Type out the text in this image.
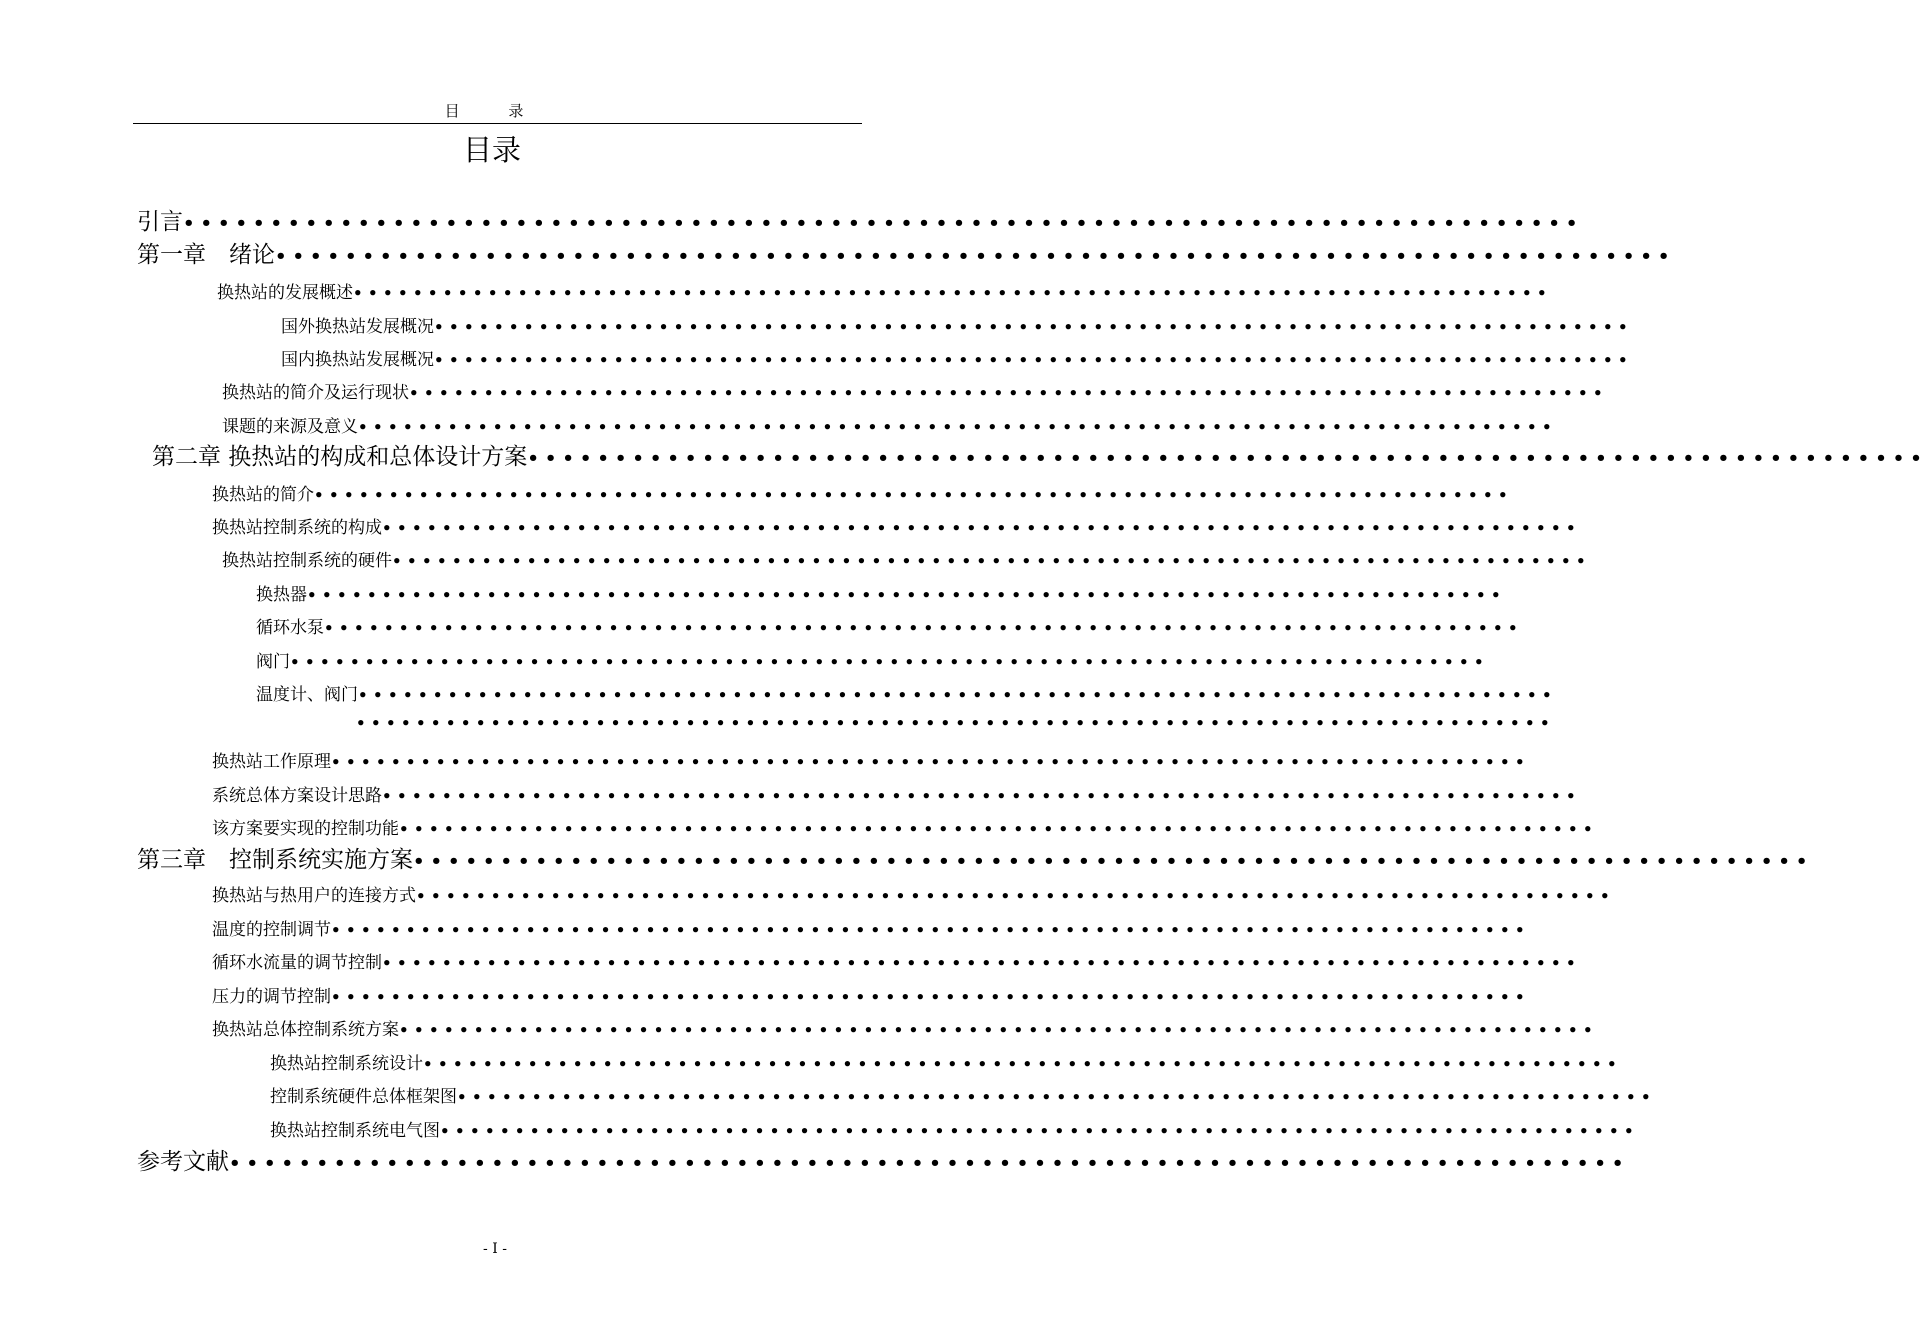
目 录
目录
引言 ••••••••••••••••••••••••••••••••••••••••••••••••••••••••••••••••••••••••••••••••
第一章　绪论 ••••••••••••••••••••••••••••••••••••••••••••••••••••••••••••••••••••••••••••••••
换热站的发展概述 ••••••••••••••••••••••••••••••••••••••••••••••••••••••••••••••••••••••••••••••••
国外换热站发展概况 ••••••••••••••••••••••••••••••••••••••••••••••••••••••••••••••••••••••••••••••••
国内换热站发展概况 ••••••••••••••••••••••••••••••••••••••••••••••••••••••••••••••••••••••••••••••••
换热站的简介及运行现状 ••••••••••••••••••••••••••••••••••••••••••••••••••••••••••••••••••••••••••••••••
课题的来源及意义 ••••••••••••••••••••••••••••••••••••••••••••••••••••••••••••••••••••••••••••••••
第二章 换热站的构成和总体设计方案 ••••••••••••••••••••••••••••••••••••••••••••••••••••••••••••••••••••••••••••••••
换热站的简介 ••••••••••••••••••••••••••••••••••••••••••••••••••••••••••••••••••••••••••••••••
换热站控制系统的构成 ••••••••••••••••••••••••••••••••••••••••••••••••••••••••••••••••••••••••••••••••
换热站控制系统的硬件 ••••••••••••••••••••••••••••••••••••••••••••••••••••••••••••••••••••••••••••••••
换热器 ••••••••••••••••••••••••••••••••••••••••••••••••••••••••••••••••••••••••••••••••
循环水泵 ••••••••••••••••••••••••••••••••••••••••••••••••••••••••••••••••••••••••••••••••
阀门 ••••••••••••••••••••••••••••••••••••••••••••••••••••••••••••••••••••••••••••••••
温度计、阀门 ••••••••••••••••••••••••••••••••••••••••••••••••••••••••••••••••••••••••••••••••
••••••••••••••••••••••••••••••••••••••••••••••••••••••••••••••••••••••••••••••••
换热站工作原理 ••••••••••••••••••••••••••••••••••••••••••••••••••••••••••••••••••••••••••••••••
系统总体方案设计思路 ••••••••••••••••••••••••••••••••••••••••••••••••••••••••••••••••••••••••••••••••
该方案要实现的控制功能 ••••••••••••••••••••••••••••••••••••••••••••••••••••••••••••••••••••••••••••••••
第三章　控制系统实施方案 ••••••••••••••••••••••••••••••••••••••••••••••••••••••••••••••••••••••••••••••••
换热站与热用户的连接方式 ••••••••••••••••••••••••••••••••••••••••••••••••••••••••••••••••••••••••••••••••
温度的控制调节 ••••••••••••••••••••••••••••••••••••••••••••••••••••••••••••••••••••••••••••••••
循环水流量的调节控制 ••••••••••••••••••••••••••••••••••••••••••••••••••••••••••••••••••••••••••••••••
压力的调节控制 ••••••••••••••••••••••••••••••••••••••••••••••••••••••••••••••••••••••••••••••••
换热站总体控制系统方案 ••••••••••••••••••••••••••••••••••••••••••••••••••••••••••••••••••••••••••••••••
换热站控制系统设计 ••••••••••••••••••••••••••••••••••••••••••••••••••••••••••••••••••••••••••••••••
控制系统硬件总体框架图 ••••••••••••••••••••••••••••••••••••••••••••••••••••••••••••••••••••••••••••••••
换热站控制系统电气图 ••••••••••••••••••••••••••••••••••••••••••••••••••••••••••••••••••••••••••••••••
参考文献 ••••••••••••••••••••••••••••••••••••••••••••••••••••••••••••••••••••••••••••••••
- I -
